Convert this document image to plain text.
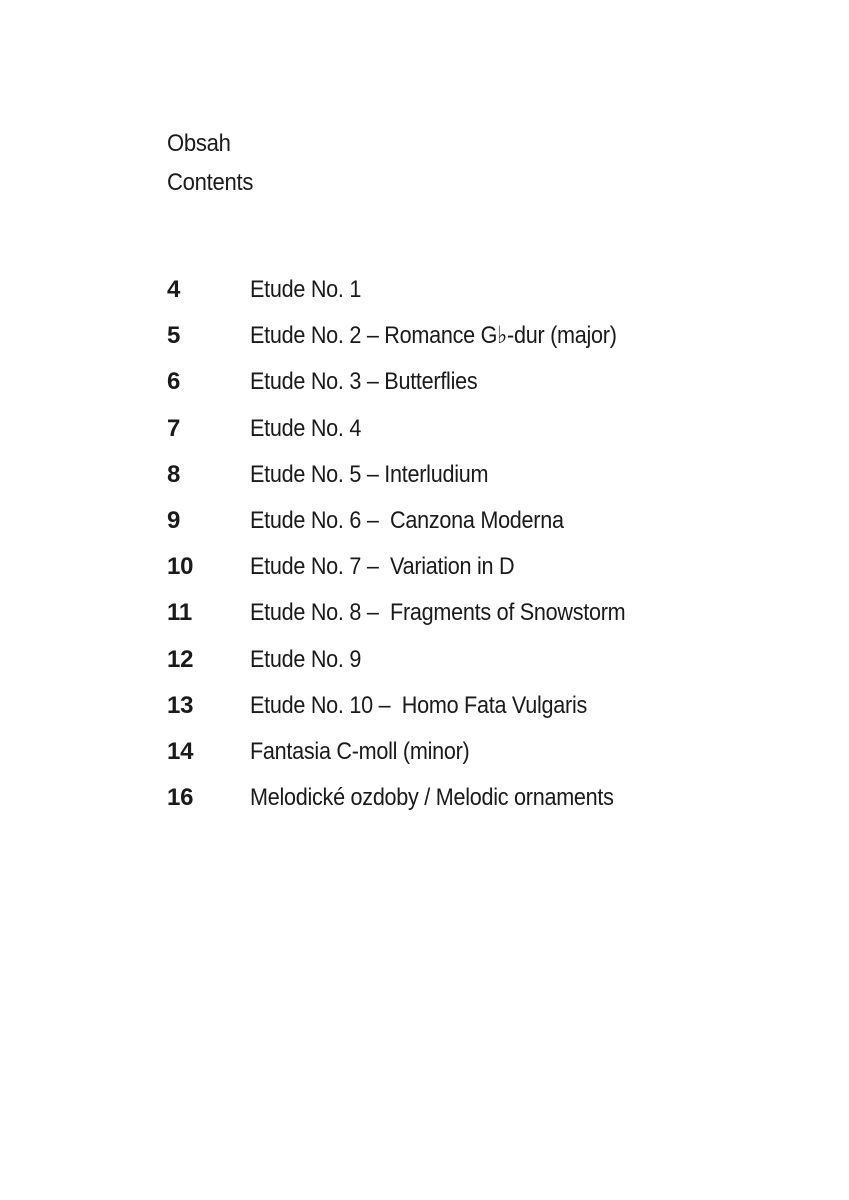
Obsah
Contents
4	Etude No. 1
5	Etude No. 2 – Romance G♭-dur (major)
6	Etude No. 3 – Butterflies
7	Etude No. 4
8	Etude No. 5 – Interludium
9	Etude No. 6 –  Canzona Moderna
10 Etude No. 7 –  Variation in D
11 Etude No. 8 –  Fragments of Snowstorm
12 Etude No. 9
13 Etude No. 10 –  Homo Fata Vulgaris
14 Fantasia C-moll (minor)
16 Melodické ozdoby / Melodic ornaments
